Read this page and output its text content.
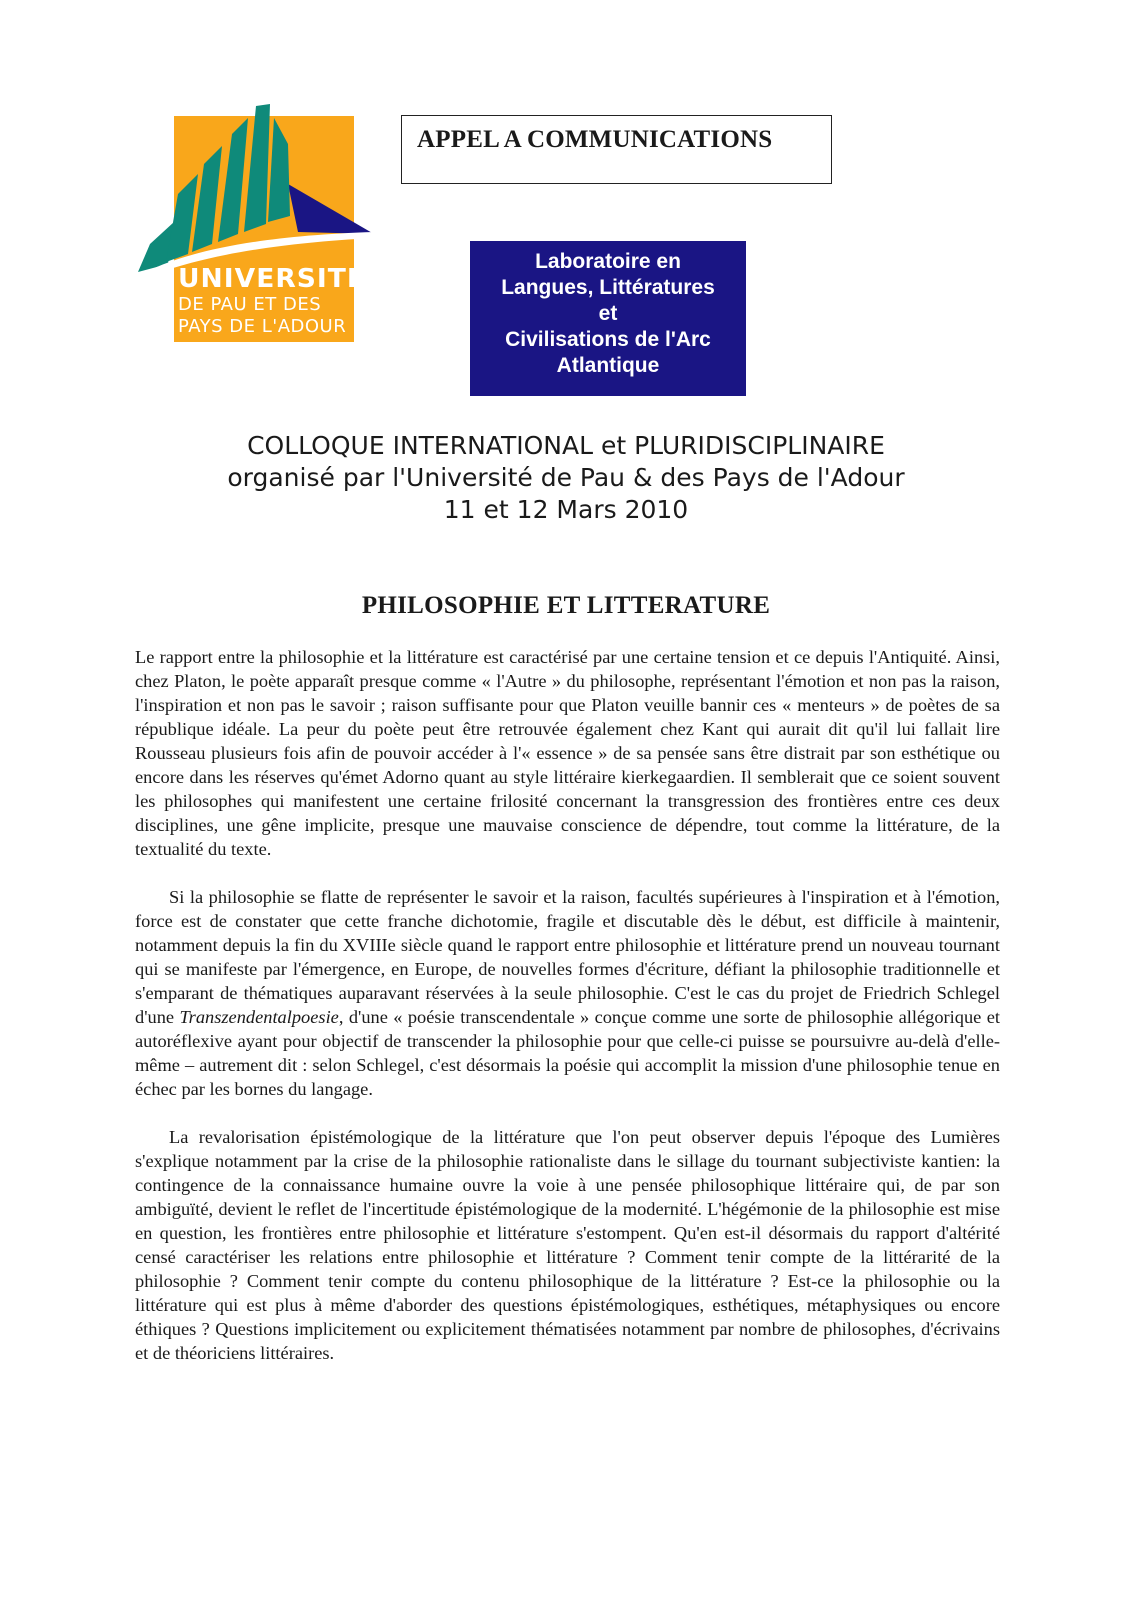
UNIVERSITÉ
DE PAU ET DES
PAYS DE L'ADOUR
APPEL A COMMUNICATIONS
Laboratoire en
Langues, Littératures
et
Civilisations de l'Arc
Atlantique
COLLOQUE INTERNATIONAL et PLURIDISCIPLINAIRE
organisé par l'Université de Pau & des Pays de l'Adour
11 et 12 Mars 2010
PHILOSOPHIE ET LITTERATURE

Le rapport entre la philosophie et la littérature est caractérisé par une certaine tension et ce depuis l'Antiquité. Ainsi, chez Platon, le poète apparaît presque comme « l'Autre » du philosophe, représentant l'émotion et non pas la raison, l'inspiration et non pas le savoir ; raison suffisante pour que Platon veuille bannir ces « menteurs » de poètes de sa république idéale. La peur du poète peut être retrouvée également chez Kant qui aurait dit qu'il lui fallait lire Rousseau plusieurs fois afin de pouvoir accéder à l'« essence » de sa pensée sans être distrait par son esthétique ou encore dans les réserves qu'émet Adorno quant au style littéraire kierkegaardien. Il semblerait que ce soient souvent les philosophes qui manifestent une certaine frilosité concernant la transgression des frontières entre ces deux disciplines, une gêne implicite, presque une mauvaise conscience de dépendre, tout comme la littérature, de la textualité du texte.

Si la philosophie se flatte de représenter le savoir et la raison, facultés supérieures à l'inspiration et à l'émotion, force est de constater que cette franche dichotomie, fragile et discutable dès le début, est difficile à maintenir, notamment depuis la fin du XVIIIe siècle quand le rapport entre philosophie et littérature prend un nouveau tournant qui se manifeste par l'émergence, en Europe, de nouvelles formes d'écriture, défiant la philosophie traditionnelle et s'emparant de thématiques auparavant réservées à la seule philosophie. C'est le cas du projet de Friedrich Schlegel d'une Transzendentalpoesie, d'une « poésie transcendentale » conçue comme une sorte de philosophie allégorique et autoréflexive ayant pour objectif de transcender la philosophie pour que celle-ci puisse se poursuivre au-delà d'elle-même – autrement dit : selon Schlegel, c'est désormais la poésie qui accomplit la mission d'une philosophie tenue en échec par les bornes du langage.

La revalorisation épistémologique de la littérature que l'on peut observer depuis l'époque des Lumières s'explique notamment par la crise de la philosophie rationaliste dans le sillage du tournant subjectiviste kantien: la contingence de la connaissance humaine ouvre la voie à une pensée philosophique littéraire qui, de par son ambiguïté, devient le reflet de l'incertitude épistémologique de la modernité. L'hégémonie de la philosophie est mise en question, les frontières entre philosophie et littérature s'estompent. Qu'en est-il désormais du rapport d'altérité censé caractériser les relations entre philosophie et littérature ? Comment tenir compte de la littérarité de la philosophie ? Comment tenir compte du contenu philosophique de la littérature ? Est-ce la philosophie ou la littérature qui est plus à même d'aborder des questions épistémologiques, esthétiques, métaphysiques ou encore éthiques ? Questions implicitement ou explicitement thématisées notamment par nombre de philosophes, d'écrivains et de théoriciens littéraires.
